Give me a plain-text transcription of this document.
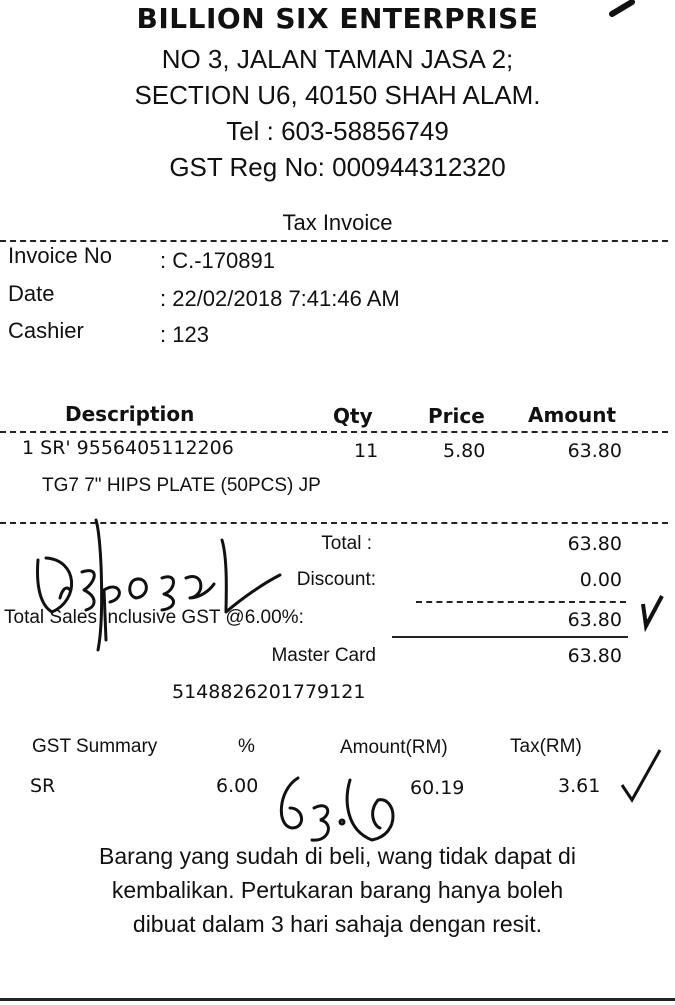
BILLION SIX ENTERPRISE
NO 3, JALAN TAMAN JASA 2;
SECTION U6, 40150 SHAH ALAM.
Tel : 603-58856749
GST Reg No: 000944312320
Tax Invoice
Invoice No : C.-170891
Date	: 22/02/2018 7:41:46 AM
Cashier	: 123
Description	Qty	Price Amount
1 SR' 9556405112206	11	5.80	63.80
TG7 7" HIPS PLATE (50PCS) JP
Total :	63.80
Discount:	0.00
Total Sales Inclusive GST @6.00%:	63.80
Master Card	63.80
5148826201779121
GST Summary	%	Amount(RM)	Tax(RM)
SR	6.00	60.19	3.61
Barang yang sudah di beli, wang tidak dapat di
kembalikan. Pertukaran barang hanya boleh
dibuat dalam 3 hari sahaja dengan resit.
